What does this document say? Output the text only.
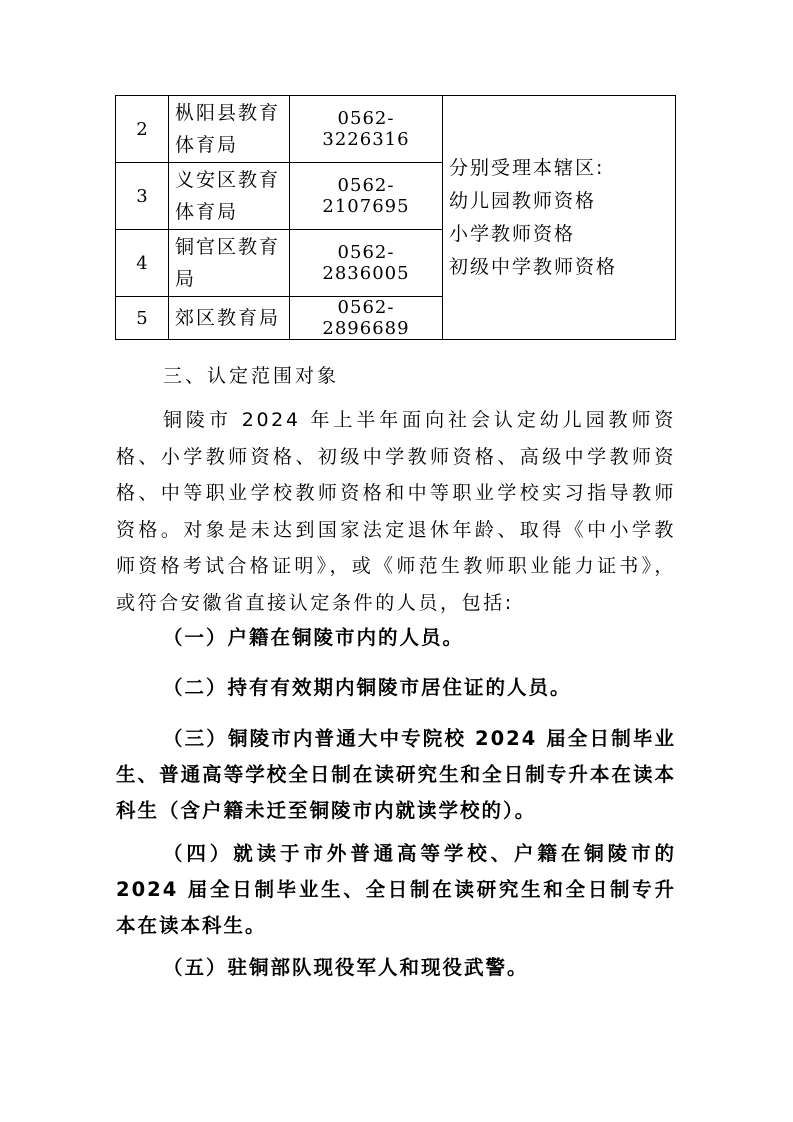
2	枞阳县教育体育局	0562-3226316	分别受理本辖区:
幼儿园教师资格
小学教师资格
初级中学教师资格

3	义安区教育体育局	0562-2107695	
4	铜官区教育局	0562-2836005	
5	郊区教育局	0562-2896689	

三、认定范围对象

铜陵市 2024 年上半年面向社会认定幼儿园教师资格、小学教师资格、初级中学教师资格、高级中学教师资格、中等职业学校教师资格和中等职业学校实习指导教师资格。对象是未达到国家法定退休年龄、取得《中小学教师资格考试合格证明》，或《师范生教师职业能力证书》，或符合安徽省直接认定条件的人员，包括:

（一）户籍在铜陵市内的人员。

（二）持有有效期内铜陵市居住证的人员。

（三）铜陵市内普通大中专院校 2024 届全日制毕业生、普通高等学校全日制在读研究生和全日制专升本在读本科生（含户籍未迁至铜陵市内就读学校的）。

（四）就读于市外普通高等学校、户籍在铜陵市的 2024 届全日制毕业生、全日制在读研究生和全日制专升本在读本科生。

（五）驻铜部队现役军人和现役武警。
